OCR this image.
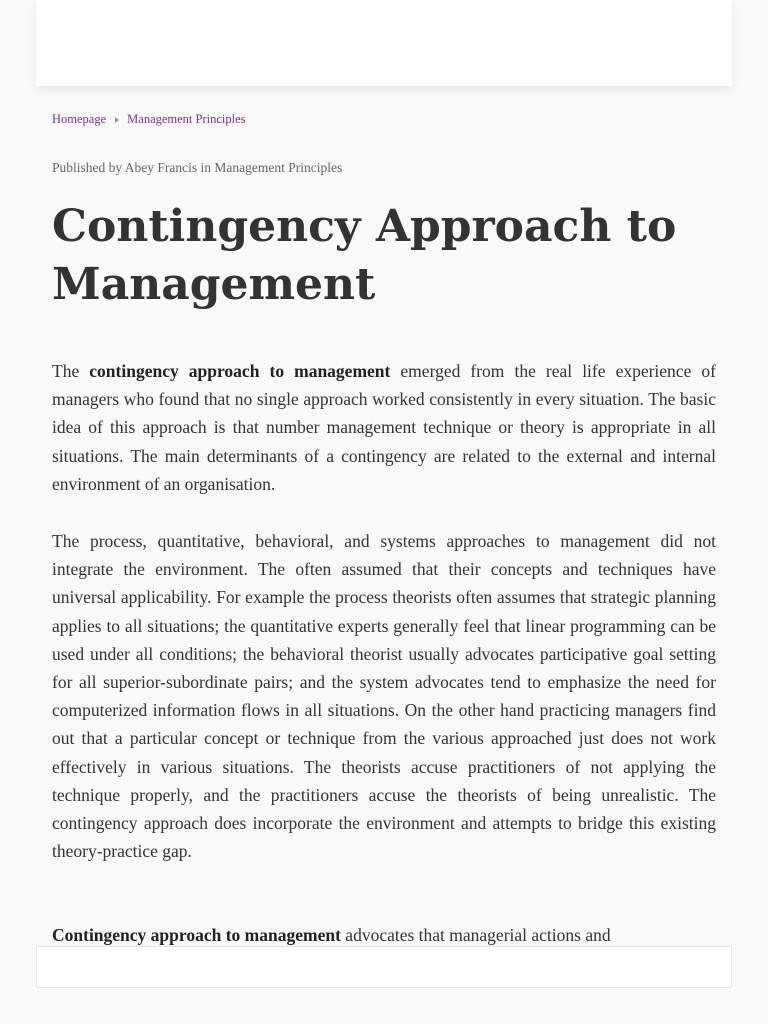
Homepage Management Principles
Published by Abey Francis in Management Principles
Contingency Approach to Management

The contingency approach to management emerged from the real life experience of managers who found that no single approach worked consistently in every situation. The basic idea of this approach is that number management technique or theory is appropriate in all situations. The main determinants of a contingency are related to the external and internal environment of an organisation.

The process, quantitative, behavioral, and systems approaches to management did not integrate the environment. The often assumed that their concepts and techniques have universal applicability. For example the process theorists often assumes that strategic planning applies to all situations; the quantitative experts generally feel that linear programming can be used under all conditions; the behavioral theorist usually advocates participative goal setting for all superior-subordinate pairs; and the system advocates tend to emphasize the need for computerized information flows in all situations. On the other hand practicing managers find out that a particular concept or technique from the various approached just does not work effectively in various situations. The theorists accuse practitioners of not applying the technique properly, and the practitioners accuse the theorists of being unrealistic. The contingency approach does incorporate the environment and attempts to bridge this existing theory-practice gap.

Contingency approach to management advocates that managerial actions and
